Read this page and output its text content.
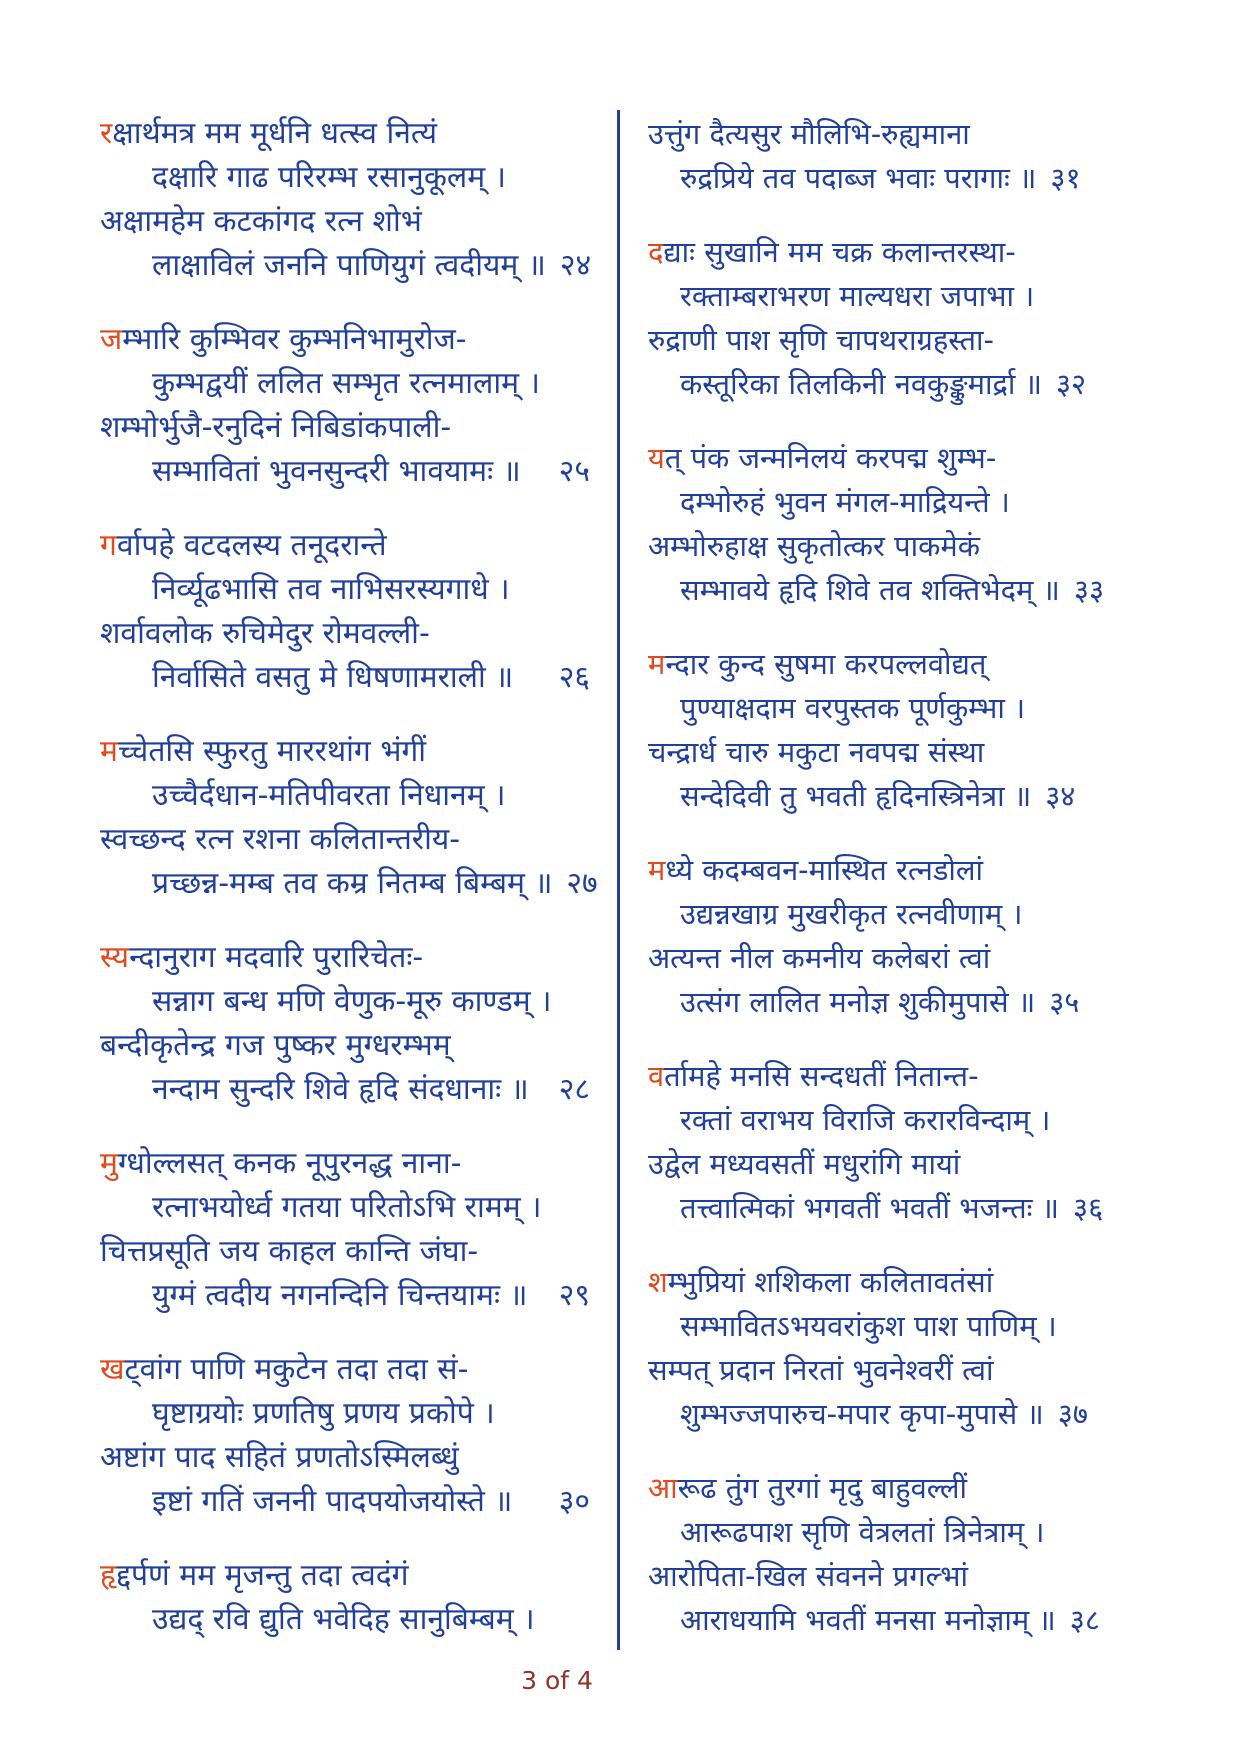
रक्षार्थमत्र मम मूर्धनि धत्स्व नित्यं
दक्षारि गाढ परिरम्भ रसानुकूलम् ।
अक्षामहेम कटकांगद रत्न शोभं
लाक्षाविलं जननि पाणियुगं त्वदीयम् ॥ २४
जम्भारि कुम्भिवर कुम्भनिभामुरोज-
कुम्भद्वयीं ललित सम्भृत रत्नमालाम् ।
शम्भोर्भुजै-रनुदिनं निबिडांकपाली-
सम्भावितां भुवनसुन्दरी भावयामः ॥ २५
गर्वापहे वटदलस्य तनूदरान्ते
निर्व्यूढभासि तव नाभिसरस्यगाधे ।
शर्वावलोक रुचिमेदुर रोमवल्ली-
निर्वासिते वसतु मे धिषणामराली ॥ २६
मच्चेतसि स्फुरतु माररथांग भंगीं
उच्चैर्दधान-मतिपीवरता निधानम् ।
स्वच्छन्द रत्न रशना कलितान्तरीय-
प्रच्छन्न-मम्ब तव कम्र नितम्ब बिम्बम् ॥ २७
स्यन्दानुराग मदवारि पुरारिचेतः-
सन्नाग बन्ध मणि वेणुक-मूरु काण्डम् ।
बन्दीकृतेन्द्र गज पुष्कर मुग्धरम्भम्
नन्दाम सुन्दरि शिवे हृदि संदधानाः ॥ २८
मुग्धोल्लसत् कनक नूपुरनद्ध नाना-
रत्नाभयोर्ध्व गतया परितोऽभि रामम् ।
चित्तप्रसूति जय काहल कान्ति जंघा-
युग्मं त्वदीय नगनन्दिनि चिन्तयामः ॥ २९
खट्वांग पाणि मकुटेन तदा तदा सं-
घृष्टाग्रयोः प्रणतिषु प्रणय प्रकोपे ।
अष्टांग पाद सहितं प्रणतोऽस्मिलब्धुं
इष्टां गतिं जननी पादपयोजयोस्ते ॥ ३०
हृद्दर्पणं मम मृजन्तु तदा त्वदंगं
उद्यद् रवि द्युति भवेदिह सानुबिम्बम् ।
उत्तुंग दैत्यसुर मौलिभि-रुह्यमाना
रुद्रप्रिये तव पदाब्ज भवाः परागाः ॥ ३१
दद्याः सुखानि मम चक्र कलान्तरस्था-
रक्ताम्बराभरण माल्यधरा जपाभा ।
रुद्राणी पाश सृणि चापथराग्रहस्ता-
कस्तूरिका तिलकिनी नवकुङ्कुमार्द्रा ॥ ३२
यत् पंक जन्मनिलयं करपद्म शुम्भ-
दम्भोरुहं भुवन मंगल-माद्रियन्ते ।
अम्भोरुहाक्ष सुकृतोत्कर पाकमेकं
सम्भावये हृदि शिवे तव शक्तिभेदम् ॥ ३३
मन्दार कुन्द सुषमा करपल्लवोद्यत्
पुण्याक्षदाम वरपुस्तक पूर्णकुम्भा ।
चन्द्रार्ध चारु मकुटा नवपद्म संस्था
सन्देदिवी तु भवती हृदिनस्त्रिनेत्रा ॥ ३४
मध्ये कदम्बवन-मास्थित रत्नडोलां
उद्यन्नखाग्र मुखरीकृत रत्नवीणाम् ।
अत्यन्त नील कमनीय कलेबरां त्वां
उत्संग लालित मनोज्ञ शुकीमुपासे ॥ ३५
वर्तामहे मनसि सन्दधतीं नितान्त-
रक्तां वराभय विराजि करारविन्दाम् ।
उद्वेल मध्यवसतीं मधुरांगि मायां
तत्त्वात्मिकां भगवतीं भवतीं भजन्तः ॥ ३६
शम्भुप्रियां शशिकला कलितावतंसां
सम्भावितऽभयवरांकुश पाश पाणिम् ।
सम्पत् प्रदान निरतां भुवनेश्वरीं त्वां
शुम्भज्जपारुच-मपार कृपा-मुपासे ॥ ३७
आरूढ तुंग तुरगां मृदु बाहुवल्लीं
आरूढपाश सृणि वेत्रलतां त्रिनेत्राम् ।
आरोपिता-खिल संवनने प्रगल्भां
आराधयामि भवतीं मनसा मनोज्ञाम् ॥ ३८
3 of 4
